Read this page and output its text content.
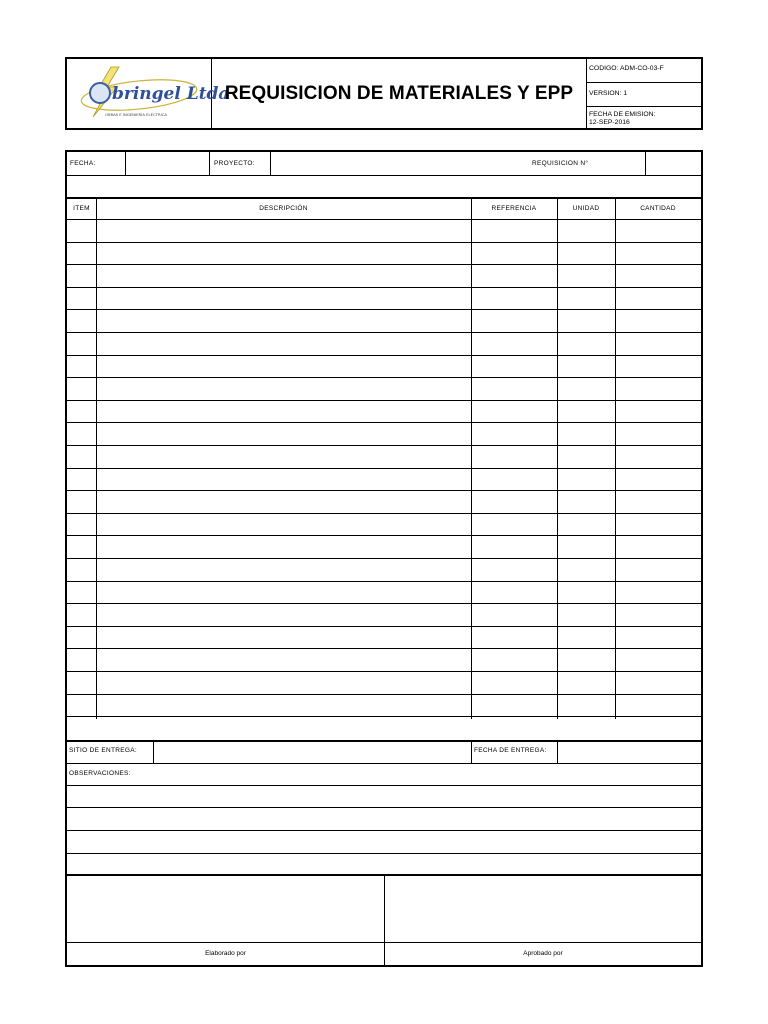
bringel Ltda
OBRAS E INGENIERÍA ELÉCTRICA
REQUISICION DE MATERIALES Y EPP
CODIGO: ADM-CO-03-F
VERSION: 1
FECHA DE EMISION:
12-SEP-2016
FECHA:	PROYECTO:	REQUISICION N°
ITEM	DESCRIPCIÓN	REFERENCIA	UNIDAD	CANTIDAD
SITIO DE ENTREGA:	FECHA DE ENTREGA:
OBSERVACIONES:
Elaborado por	Aprobado por
